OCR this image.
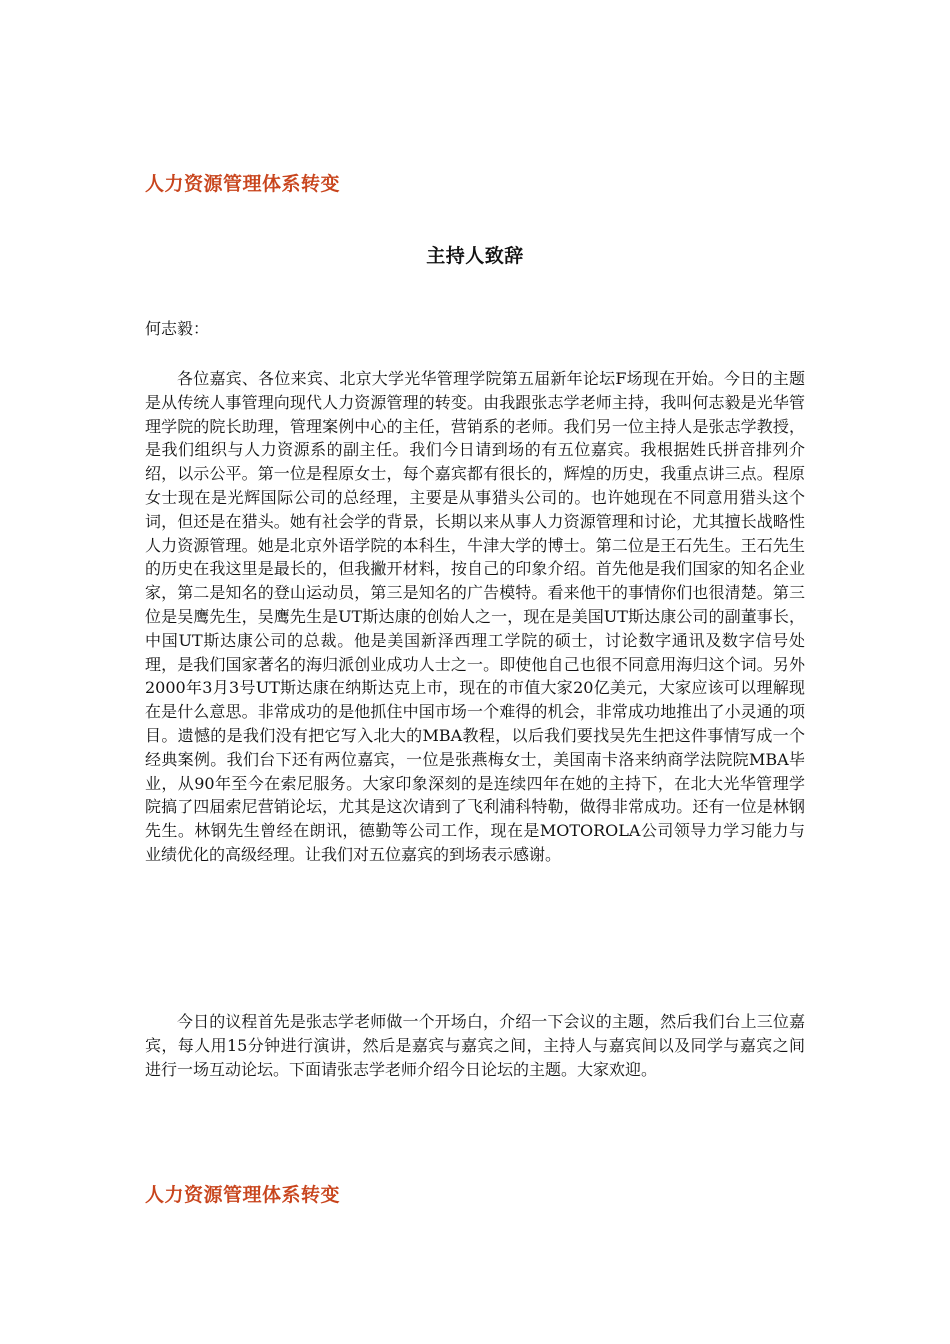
人力资源管理体系转变
主持人致辞
何志毅：

各位嘉宾、各位来宾、北京大学光华管理学院第五届新年论坛F场现在开始。今日的主题是从传统人事管理向现代人力资源管理的转变。由我跟张志学老师主持，我叫何志毅是光华管理学院的院长助理，管理案例中心的主任，营销系的老师。我们另一位主持人是张志学教授，是我们组织与人力资源系的副主任。我们今日请到场的有五位嘉宾。我根据姓氏拼音排列介绍，以示公平。第一位是程原女士，每个嘉宾都有很长的，辉煌的历史，我重点讲三点。程原女士现在是光辉国际公司的总经理，主要是从事猎头公司的。也许她现在不同意用猎头这个词，但还是在猎头。她有社会学的背景，长期以来从事人力资源管理和讨论，尤其擅长战略性人力资源管理。她是北京外语学院的本科生，牛津大学的博士。第二位是王石先生。王石先生的历史在我这里是最长的，但我撇开材料，按自己的印象介绍。首先他是我们国家的知名企业家，第二是知名的登山运动员，第三是知名的广告模特。看来他干的事情你们也很清楚。第三位是吴鹰先生，吴鹰先生是UT斯达康的创始人之一，现在是美国UT斯达康公司的副董事长，中国UT斯达康公司的总裁。他是美国新泽西理工学院的硕士，讨论数字通讯及数字信号处理，是我们国家著名的海归派创业成功人士之一。即使他自己也很不同意用海归这个词。另外2000年3月3号UT斯达康在纳斯达克上市，现在的市值大家20亿美元，大家应该可以理解现在是什么意思。非常成功的是他抓住中国市场一个难得的机会，非常成功地推出了小灵通的项目。遗憾的是我们没有把它写入北大的MBA教程，以后我们要找吴先生把这件事情写成一个经典案例。我们台下还有两位嘉宾，一位是张燕梅女士，美国南卡洛来纳商学法院院MBA毕业，从90年至今在索尼服务。大家印象深刻的是连续四年在她的主持下，在北大光华管理学院搞了四届索尼营销论坛，尤其是这次请到了飞利浦科特勒，做得非常成功。还有一位是林钢先生。林钢先生曾经在朗讯，德勤等公司工作，现在是MOTOROLA公司领导力学习能力与业绩优化的高级经理。让我们对五位嘉宾的到场表示感谢。

今日的议程首先是张志学老师做一个开场白，介绍一下会议的主题，然后我们台上三位嘉宾，每人用15分钟进行演讲，然后是嘉宾与嘉宾之间，主持人与嘉宾间以及同学与嘉宾之间进行一场互动论坛。下面请张志学老师介绍今日论坛的主题。大家欢迎。

人力资源管理体系转变
